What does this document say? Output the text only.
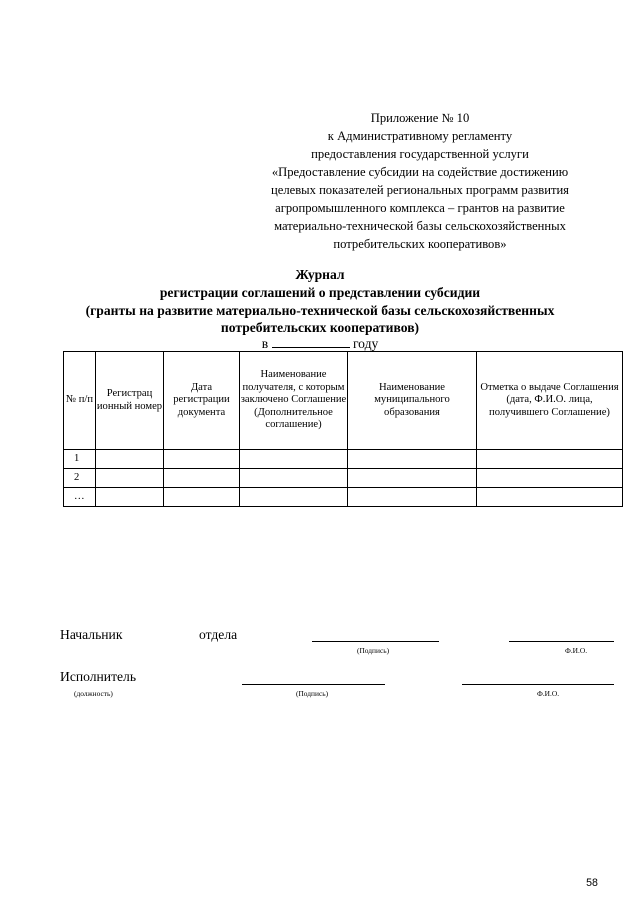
Приложение № 10
к Административному регламенту
предоставления государственной услуги
«Предоставление субсидии на содействие достижению
целевых показателей региональных программ развития
агропромышленного комплекса – грантов на развитие
материально-технической базы сельскохозяйственных
потребительских кооперативов»
Журнал
регистрации соглашений о представлении субсидии
(гранты на развитие материально-технической базы сельскохозяйственных
потребительских кооперативов)
в	году
№ п/п	Регистрац ионный номер	Дата регистрации документа	Наименование получателя, с которым заключено Соглашение (Дополнительное соглашение)	Наименование муниципального образования	Отметка о выдаче Соглашения (дата, Ф.И.О. лица, получившего Соглашение)
1					
2					
…					
Начальник	отдела
(Подпись)	Ф.И.О.
Исполнитель
(должность)	(Подпись)	Ф.И.О.
58
